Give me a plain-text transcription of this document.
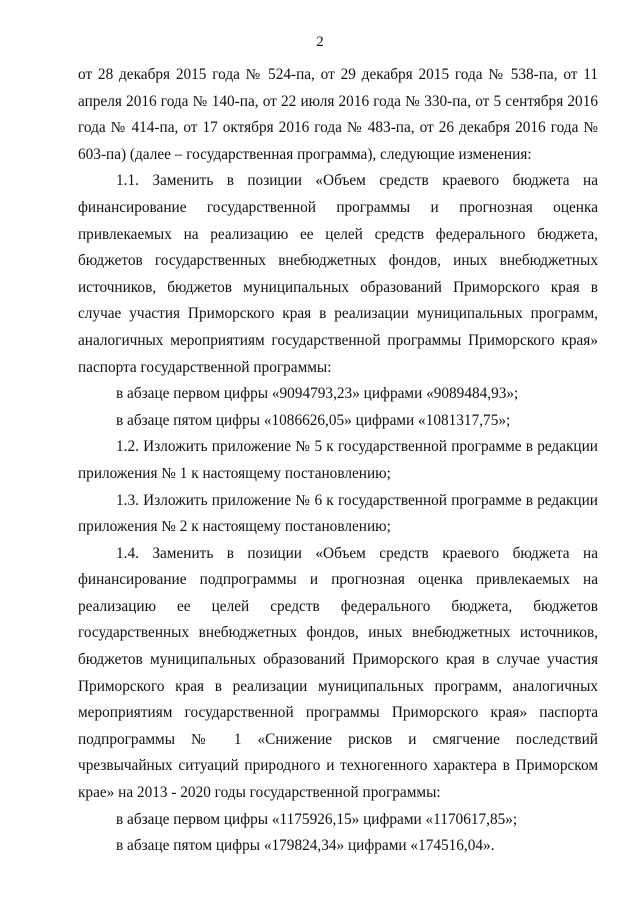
2

от 28 декабря 2015 года № 524-па, от 29 декабря 2015 года № 538-па, от 11 апреля 2016 года № 140-па, от 22 июля 2016 года № 330-па, от 5 сентября 2016 года № 414-па, от 17 октября 2016 года № 483-па, от 26 декабря 2016 года № 603-па) (далее – государственная программа), следующие изменения:

1.1. Заменить в позиции «Объем средств краевого бюджета на финансирование государственной программы и прогнозная оценка привлекаемых на реализацию ее целей средств федерального бюджета, бюджетов государственных внебюджетных фондов, иных внебюджетных источников, бюджетов муниципальных образований Приморского края в случае участия Приморского края в реализации муниципальных программ, аналогичных мероприятиям государственной программы Приморского края» паспорта государственной программы:

в абзаце первом цифры «9094793,23» цифрами «9089484,93»;

в абзаце пятом цифры «1086626,05» цифрами «1081317,75»;

1.2. Изложить приложение № 5 к государственной программе в редакции приложения № 1 к настоящему постановлению;

1.3. Изложить приложение № 6 к государственной программе в редакции приложения № 2 к настоящему постановлению;

1.4. Заменить в позиции «Объем средств краевого бюджета на финансирование подпрограммы и прогнозная оценка привлекаемых на реализацию ее целей средств федерального бюджета, бюджетов государственных внебюджетных фондов, иных внебюджетных источников, бюджетов муниципальных образований Приморского края в случае участия Приморского края в реализации муниципальных программ, аналогичных мероприятиям государственной программы Приморского края» паспорта подпрограммы № 1 «Снижение рисков и смягчение последствий чрезвычайных ситуаций природного и техногенного характера в Приморском крае» на 2013 - 2020 годы государственной программы:

в абзаце первом цифры «1175926,15» цифрами «1170617,85»;

в абзаце пятом цифры «179824,34» цифрами «174516,04».
